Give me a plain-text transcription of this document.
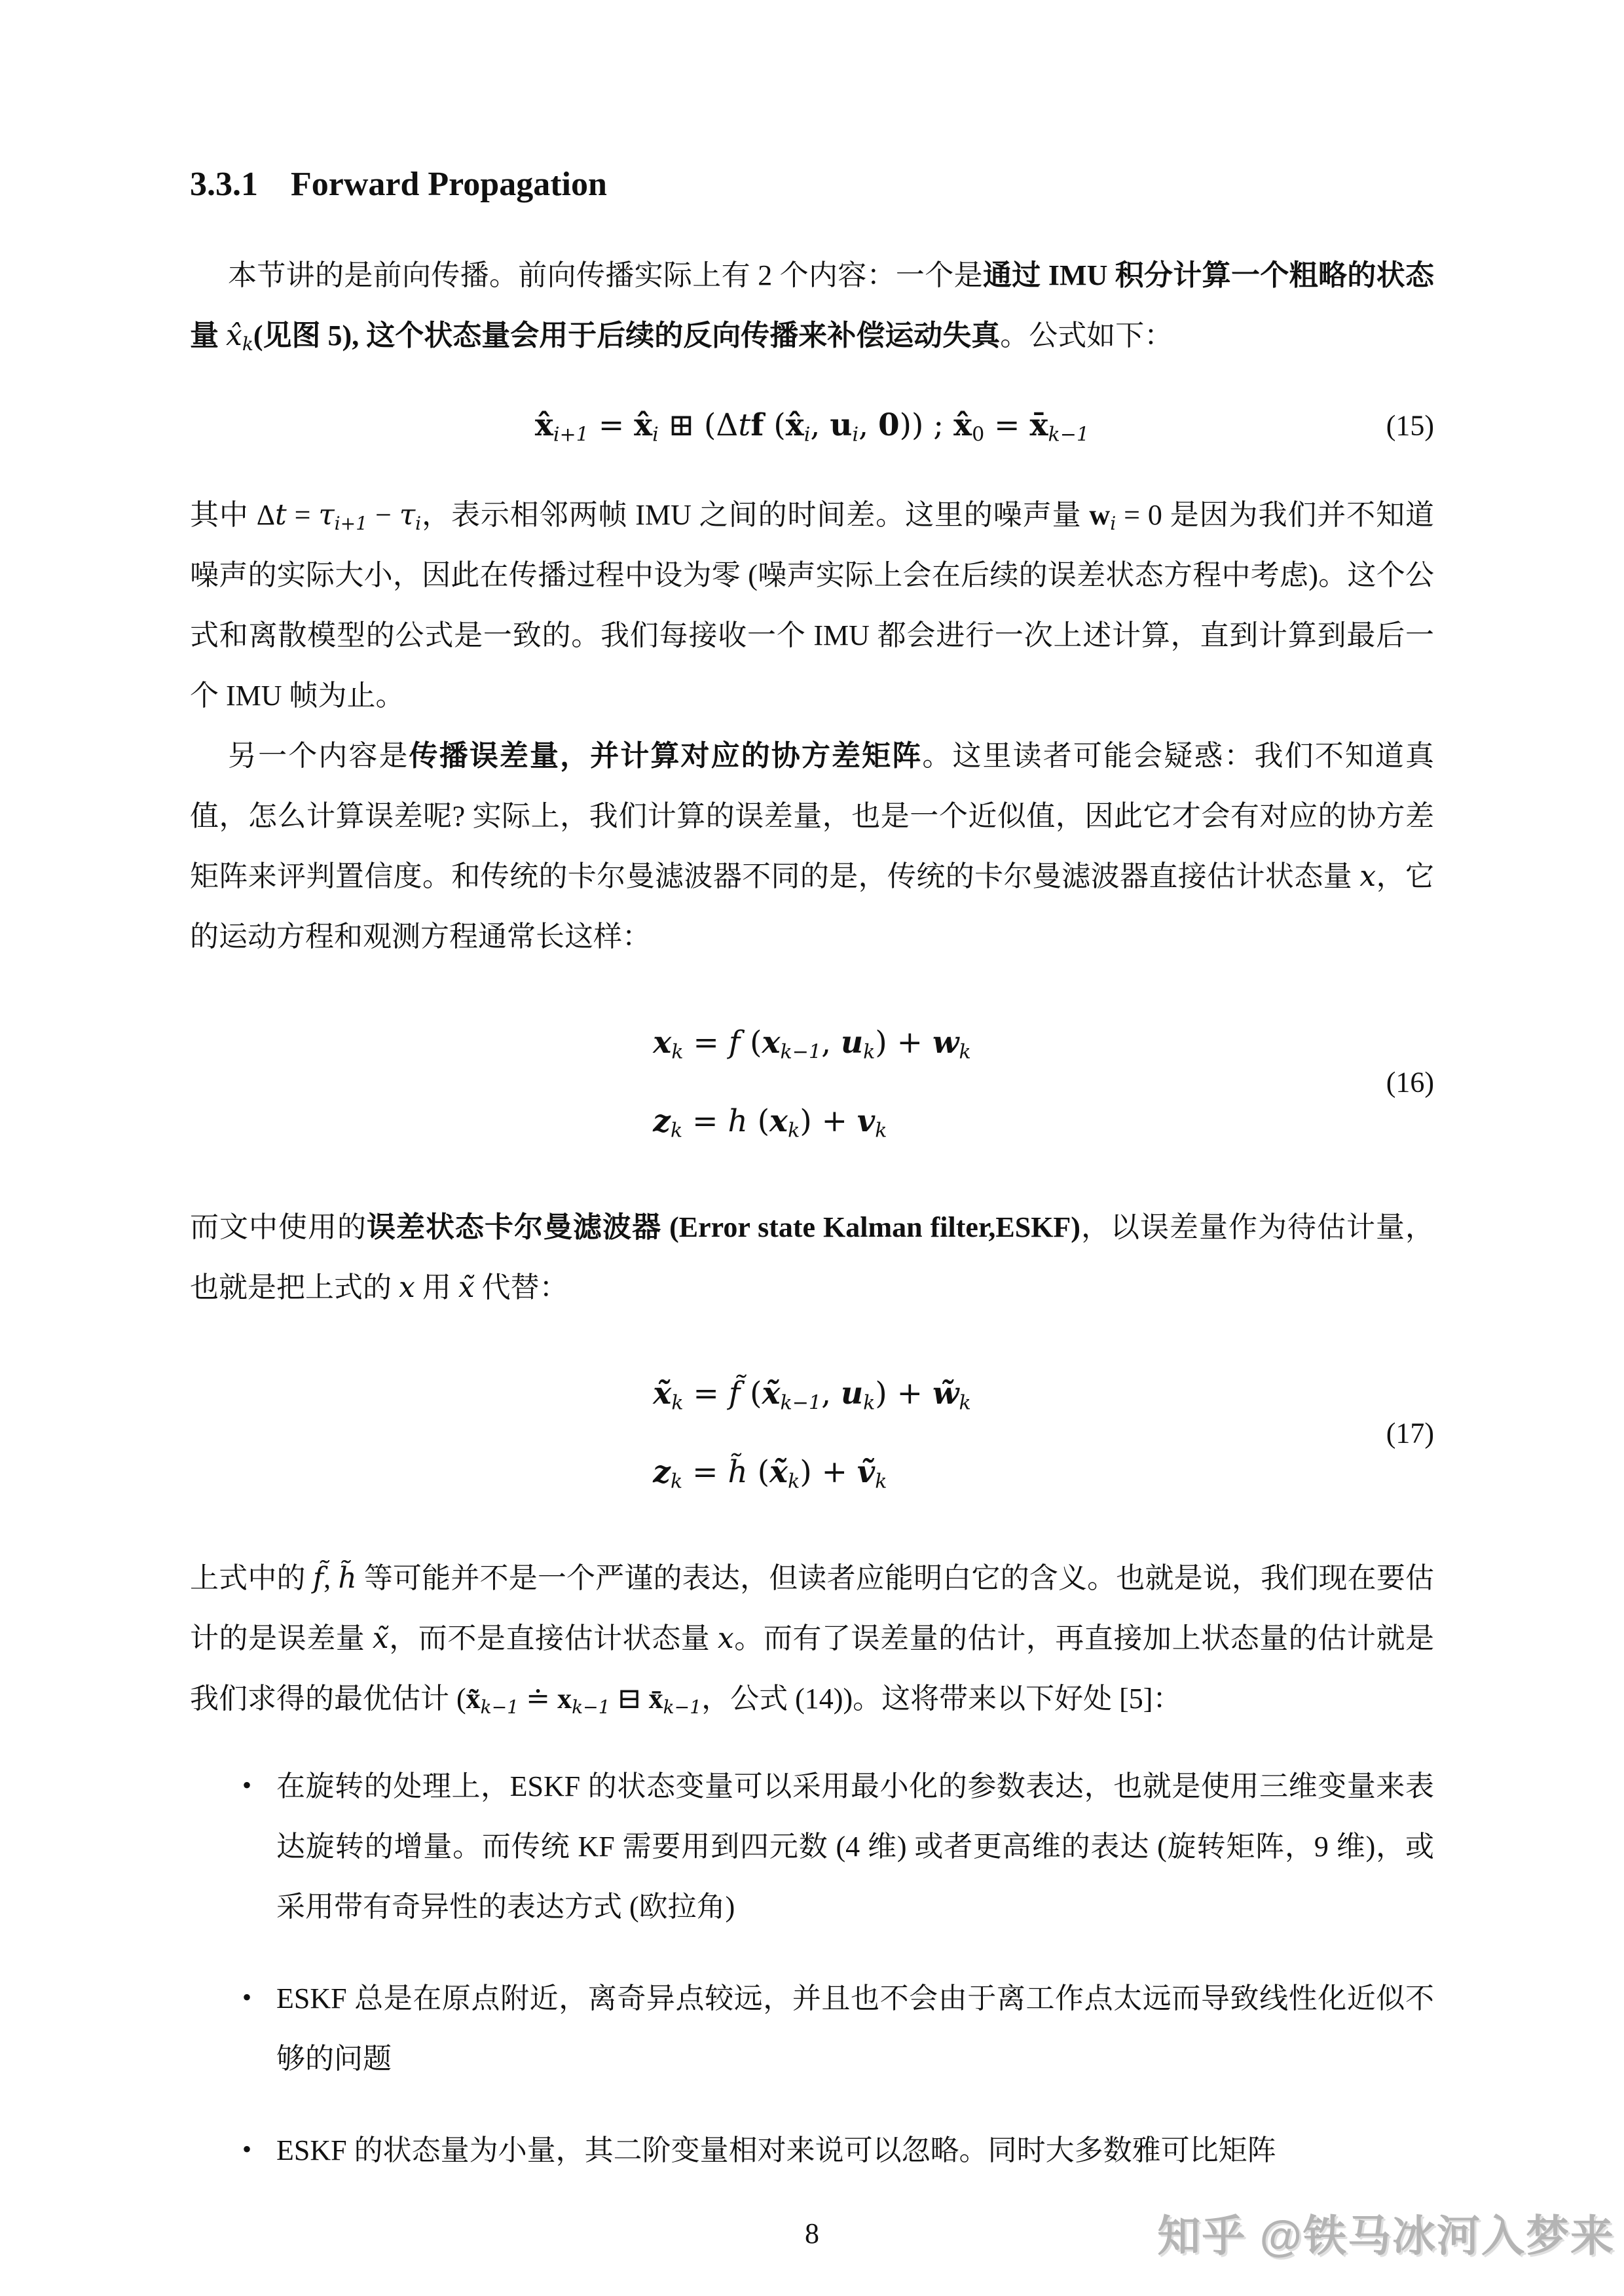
3.3.1 Forward Propagation

本节讲的是前向传播。前向传播实际上有 2 个内容：一个是通过 IMU 积分计算一个粗略的状态量 $x̂_k$(见图 5), 这个状态量会用于后续的反向传播来补偿运动失真。公式如下：

$x̂_{i+1}$ = $x̂_i$ ⊞ (Δtf ($x̂_i$, $u_i$, 0)) ; $x̂_0$ = $x̄_{k-1}$	(15)

其中 $\Delta t = \tau_{i+1} - \tau_i$，表示相邻两帧 IMU 之间的时间差。这里的噪声量 $w_i = 0$ 是因为我们并不知道噪声的实际大小，因此在传播过程中设为零 (噪声实际上会在后续的误差状态方程中考虑)。这个公式和离散模型的公式是一致的。我们每接收一个 IMU 都会进行一次上述计算，直到计算到最后一个 IMU 帧为止。

另一个内容是传播误差量，并计算对应的协方差矩阵。这里读者可能会疑惑：我们不知道真值，怎么计算误差呢? 实际上，我们计算的误差量，也是一个近似值，因此它才会有对应的协方差矩阵来评判置信度。和传统的卡尔曼滤波器不同的是，传统的卡尔曼滤波器直接估计状态量 x，它的运动方程和观测方程通常长这样：

$x_k = f$ ($x_{k-1}$, $u_k) + w_k$
$z_k = h$ $(x_k) + v_k$
(16)

而文中使用的误差状态卡尔曼滤波器 (Error state Kalman filter,ESKF)，以误差量作为待估计量，也就是把上式的 x 用 x̃ 代替：

$x̃_k$ = f̃ ($x̃_{k-1}$, $u_k$) + $w̃_k$
$z_k$ = h̃ $(x̃_k)$ + ṽ$_k$
(17)

上式中的 f̃, h̃ 等可能并不是一个严谨的表达，但读者应能明白它的含义。也就是说，我们现在要估计的是误差量 x̃，而不是直接估计状态量 x。而有了误差量的估计，再直接加上状态量的估计就是我们求得的最优估计 ($x̃_{k-1}$ ≐ $x_{k-1}$ ⊟ $x̄_{k-1}$，公式 (14))。这将带来以下好处 [5]：

• 在旋转的处理上，ESKF 的状态变量可以采用最小化的参数表达，也就是使用三维变量来表达旋转的增量。而传统 KF 需要用到四元数 (4 维) 或者更高维的表达 (旋转矩阵，9 维)，或采用带有奇异性的表达方式 (欧拉角)
• ESKF 总是在原点附近，离奇异点较远，并且也不会由于离工作点太远而导致线性化近似不够的问题
• ESKF 的状态量为小量，其二阶变量相对来说可以忽略。同时大多数雅可比矩阵
8	知乎 @铁马冰河入梦来
